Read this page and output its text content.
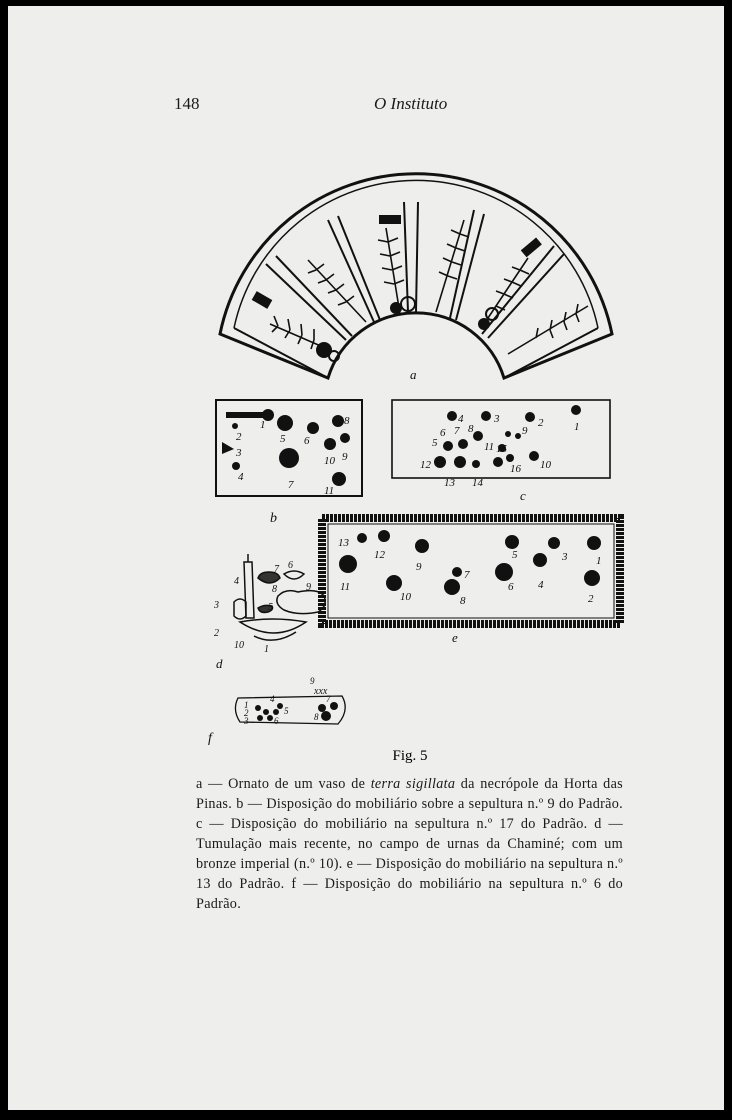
148	O Instituto
a
1
2
3
4
5 6
7
8
9
10
11
b
1
2
3
4
5
6 7 8	9
10
11
12
13 14
15
16
c
1
2
3
4
5
6
7
8
9
10
11
12
13
e
4
7 6
9
8
5
3
2
10 1
d
1
2
3
4
5
6
7
8
9
xxx
f
Fig. 5

a — Ornato de um vaso de terra sigillata da necrópole da Horta das Pinas. b — Disposição do mobiliário sobre a sepultura n.º 9 do Padrão. c — Disposição do mobiliário na sepultura n.º 17 do Padrão. d — Tumulação mais recente, no campo de urnas da Chaminé; com um bronze imperial (n.º 10). e — Disposição do mobiliário na sepultura n.º 13 do Padrão. f — Disposição do mobiliário na sepultura n.º 6 do Padrão.
